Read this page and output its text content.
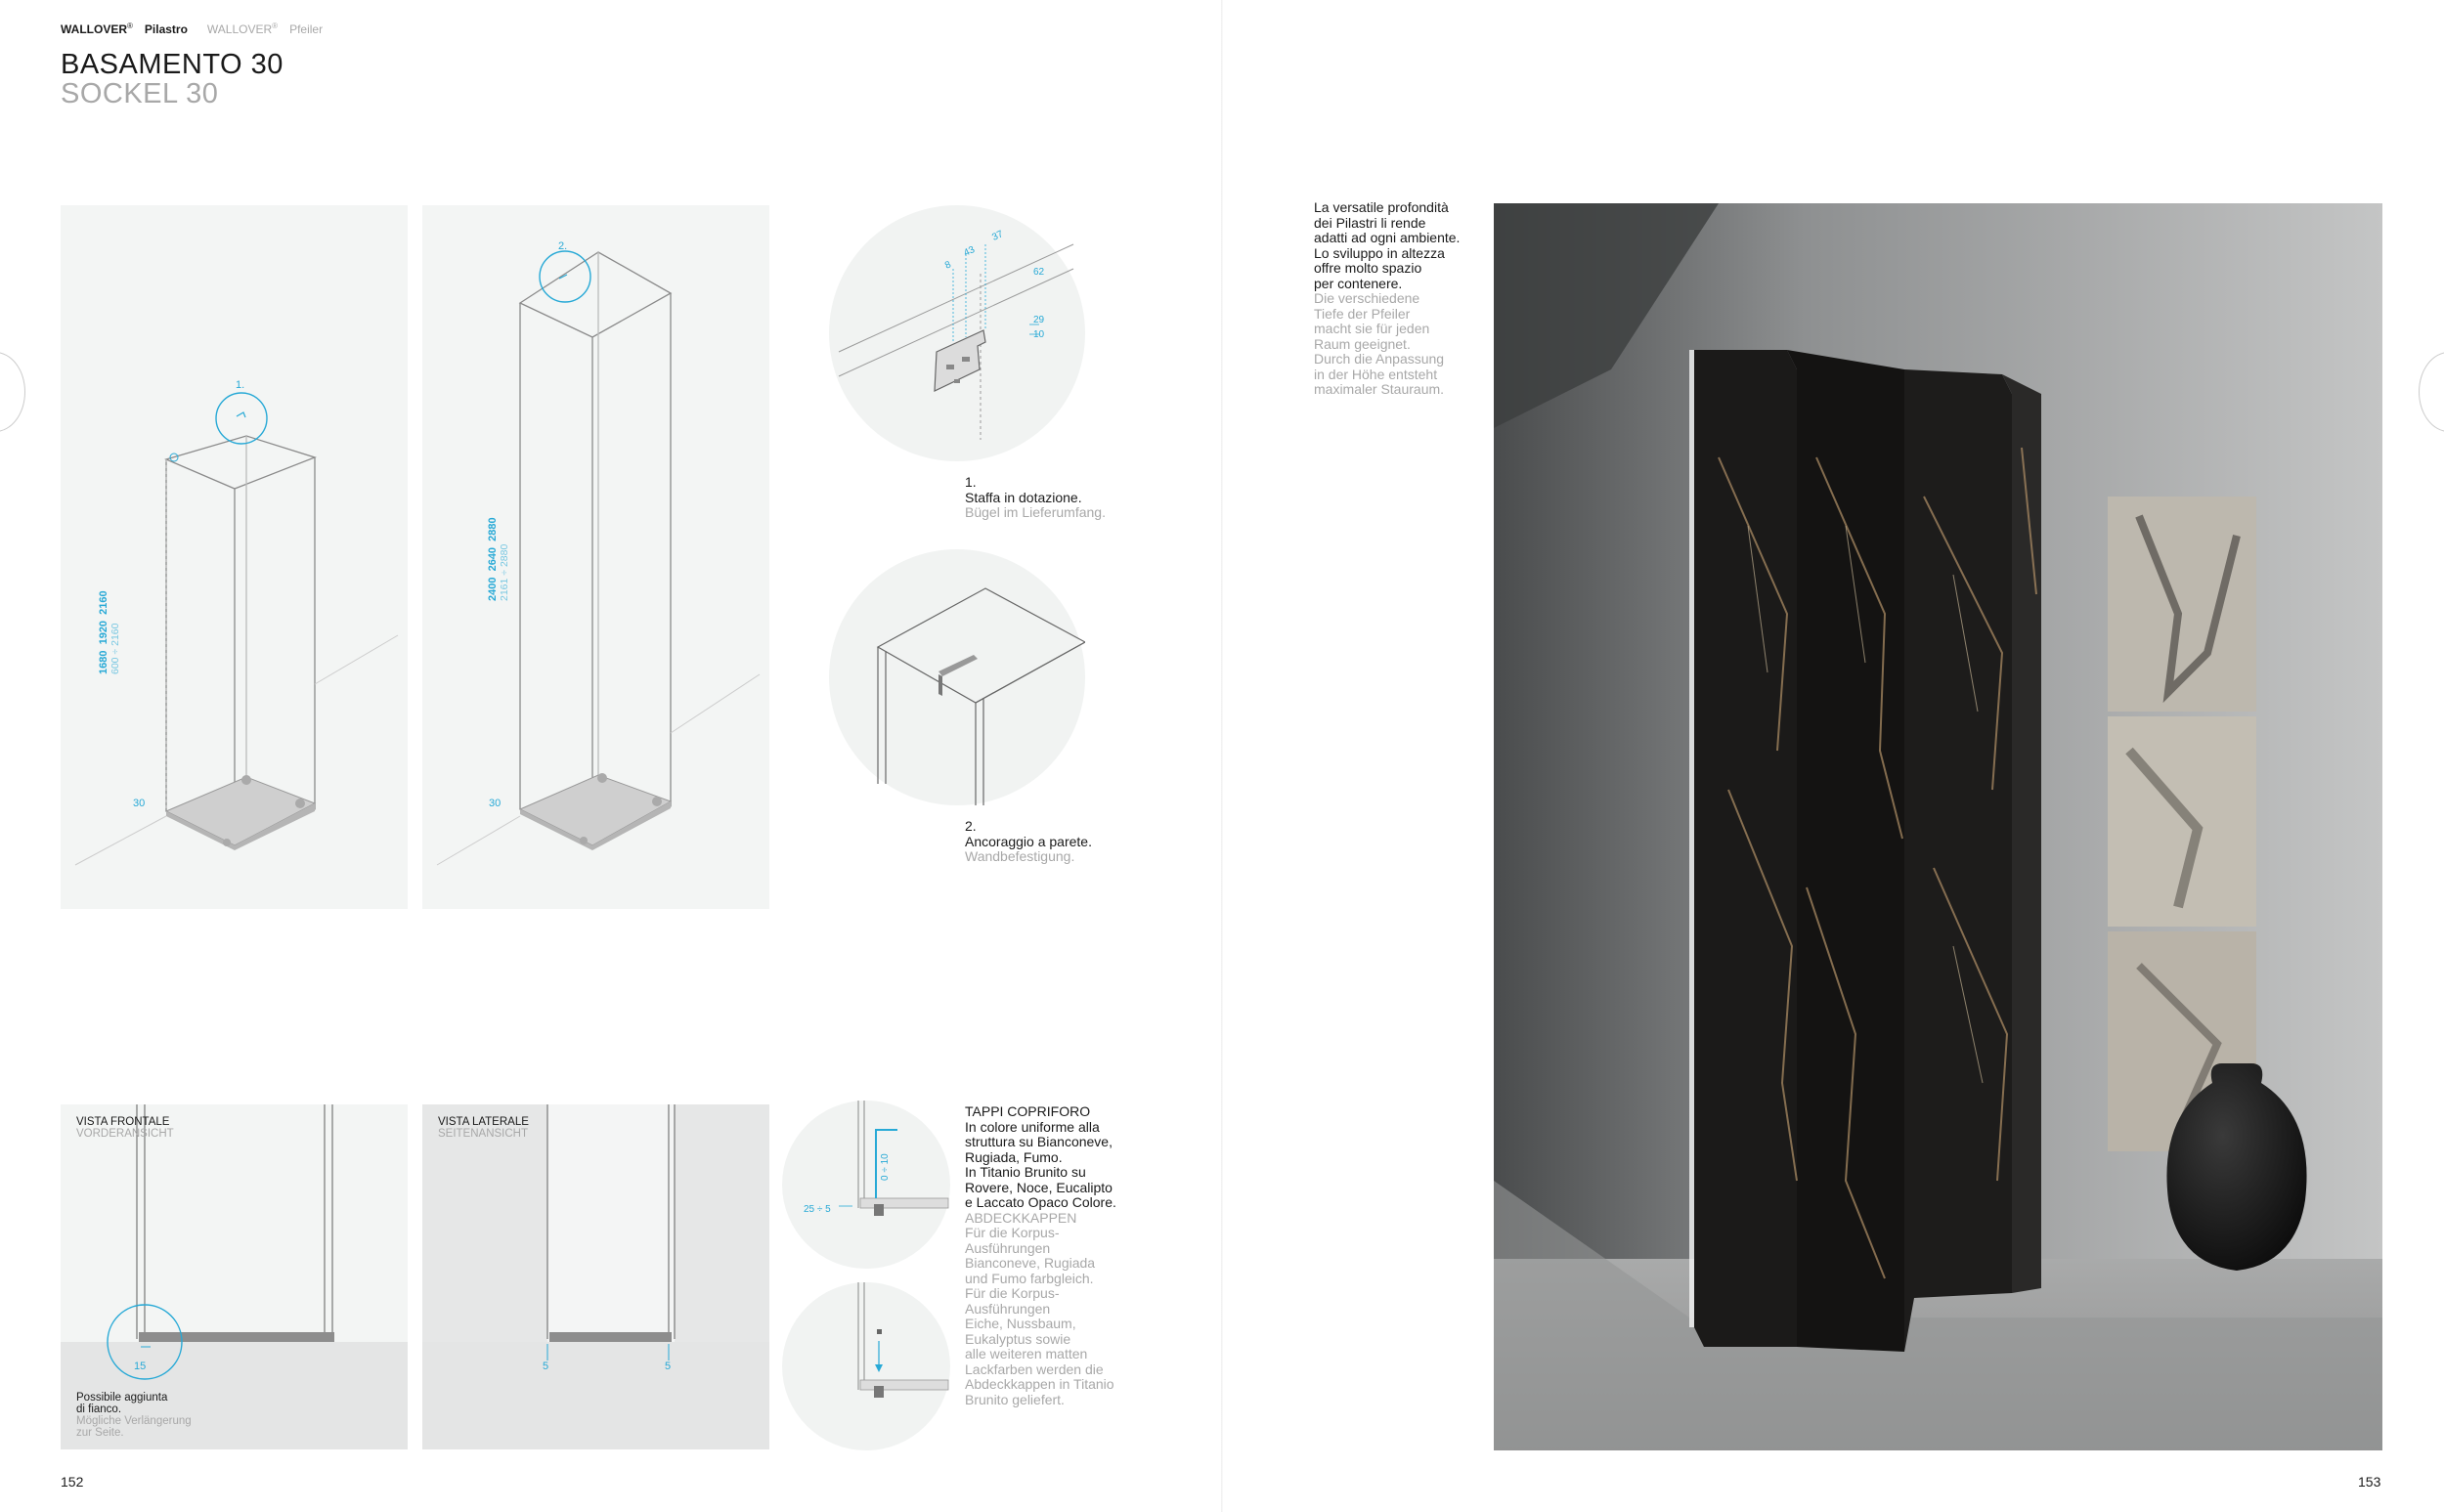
WALLOVER® Pilastro WALLOVER® Pfeiler
BASAMENTO 30
SOCKEL 30
1.
1680  1920  2160 600 ÷ 2160
30
2.
2400  2640  2880 2161 ÷ 2880
30
8
43
37
62
29
10
1.
Staffa in dotazione.
Bügel im Lieferumfang.
2.
Ancoraggio a parete.
Wandbefestigung.
VISTA FRONTALE
VORDERANSICHT
15
Possibile aggiunta
di fianco.
Mögliche Verlängerung
zur Seite.
VISTA LATERALE
SEITENANSICHT
5	5
25 ÷ 5
0 ÷ 10
TAPPI COPRIFORO
In colore uniforme alla
struttura su Bianconeve,
Rugiada, Fumo.
In Titanio Brunito su
Rovere, Noce, Eucalipto
e Laccato Opaco Colore.
ABDECKKAPPEN
Für die Korpus-
Ausführungen
Bianconeve, Rugiada
und Fumo farbgleich.
Für die Korpus-
Ausführungen
Eiche, Nussbaum,
Eukalyptus sowie
alle weiteren matten
Lackfarben werden die
Abdeckkappen in Titanio
Brunito geliefert.
La versatile profondità
dei Pilastri li rende
adatti ad ogni ambiente.
Lo sviluppo in altezza
offre molto spazio
per contenere.
Die verschiedene
Tiefe der Pfeiler
macht sie für jeden
Raum geeignet.
Durch die Anpassung
in der Höhe entsteht
maximaler Stauraum.
152	153
